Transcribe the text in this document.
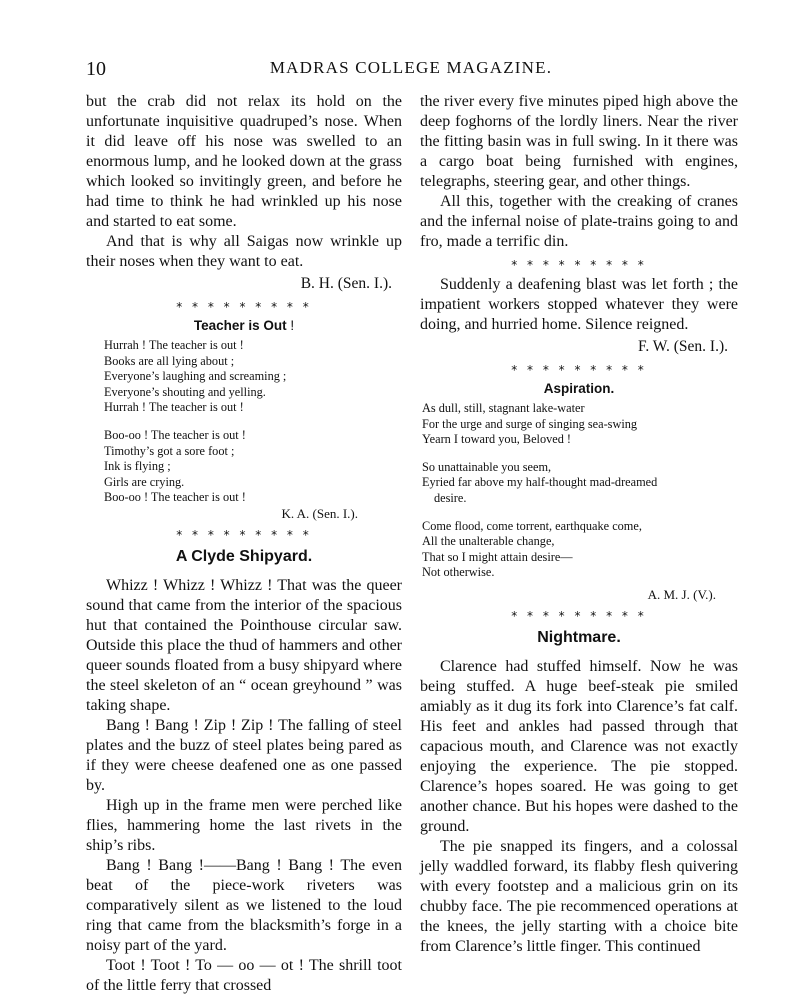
10	MADRAS COLLEGE MAGAZINE.

but the crab did not relax its hold on the unfortunate inquisitive quadruped’s nose. When it did leave off his nose was swelled to an enormous lump, and he looked down at the grass which looked so invitingly green, and before he had time to think he had wrinkled up his nose and started to eat some.

And that is why all Saigas now wrinkle up their noses when they want to eat.

B. H. (Sen. I.).
* * * * * * * * *
Teacher is Out !
Hurrah ! The teacher is out !
Books are all lying about ;
Everyone’s laughing and screaming ;
Everyone’s shouting and yelling.
Hurrah ! The teacher is out !
Boo-oo ! The teacher is out !
Timothy’s got a sore foot ;
Ink is flying ;
Girls are crying.
Boo-oo ! The teacher is out !
K. A. (Sen. I.).
* * * * * * * * *
A Clyde Shipyard.

Whizz ! Whizz ! Whizz ! That was the queer sound that came from the interior of the spacious hut that contained the Pointhouse circular saw. Outside this place the thud of hammers and other queer sounds floated from a busy shipyard where the steel skeleton of an “ ocean greyhound ” was taking shape.

Bang ! Bang ! Zip ! Zip ! The falling of steel plates and the buzz of steel plates being pared as if they were cheese deafened one as one passed by.

High up in the frame men were perched like flies, hammering home the last rivets in the ship’s ribs.

Bang ! Bang !——Bang ! Bang ! The even beat of the piece-work riveters was comparatively silent as we listened to the loud ring that came from the blacksmith’s forge in a noisy part of the yard.

Toot ! Toot ! To — oo — ot ! The shrill toot of the little ferry that crossed

the river every five minutes piped high above the deep foghorns of the lordly liners. Near the river the fitting basin was in full swing. In it there was a cargo boat being furnished with engines, telegraphs, steering gear, and other things.

All this, together with the creaking of cranes and the infernal noise of plate-trains going to and fro, made a terrific din.

* * * * * * * * *

Suddenly a deafening blast was let forth ; the impatient workers stopped whatever they were doing, and hurried home. Silence reigned.

F. W. (Sen. I.).
* * * * * * * * *
Aspiration.
As dull, still, stagnant lake-water
For the urge and surge of singing sea-swing
Yearn I toward you, Beloved !
So unattainable you seem,
Eyried far above my half-thought mad-dreamed
desire.
Come flood, come torrent, earthquake come,
All the unalterable change,
That so I might attain desire—
Not otherwise.
A. M. J. (V.).
* * * * * * * * *
Nightmare.

Clarence had stuffed himself. Now he was being stuffed. A huge beef-steak pie smiled amiably as it dug its fork into Clarence’s fat calf. His feet and ankles had passed through that capacious mouth, and Clarence was not exactly enjoying the experience. The pie stopped. Clarence’s hopes soared. He was going to get another chance. But his hopes were dashed to the ground.

The pie snapped its fingers, and a colossal jelly waddled forward, its flabby flesh quivering with every footstep and a malicious grin on its chubby face. The pie recommenced operations at the knees, the jelly starting with a choice bite from Clarence’s little finger. This continued
